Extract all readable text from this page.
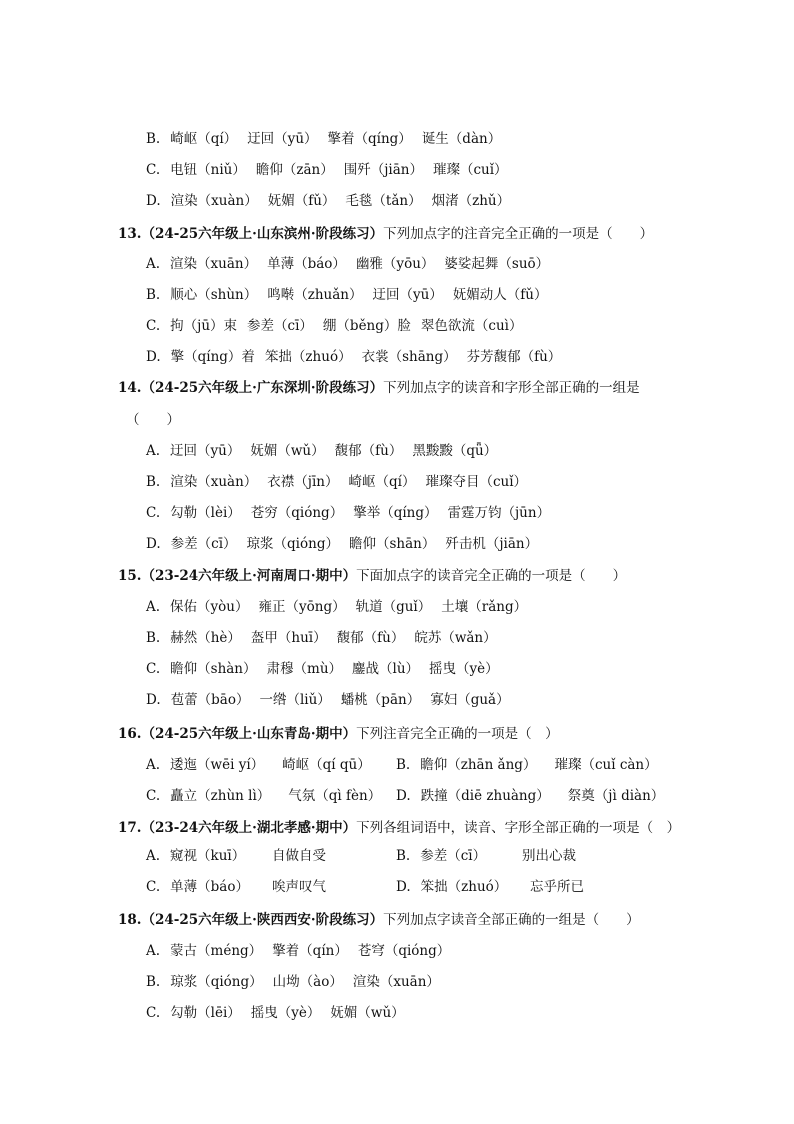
B. 崎岖（qí） 迂回（yū） 擎着（qíng） 诞生（dàn）
C. 电钮（niǔ） 瞻仰（zān） 围歼（jiān） 璀璨（cuǐ）
D. 渲染（xuàn） 妩媚（fǔ） 毛毯（tǎn） 烟渚（zhǔ）
13.（24-25六年级上·山东滨州·阶段练习）下列加点字的注音完全正确的一项是（　　）
A. 渲染（xuān） 单薄（báo） 幽雅（yōu） 婆娑起舞（suō）
B. 顺心（shùn） 鸣啭（zhuǎn） 迂回（yū） 妩媚动人（fǔ）
C. 拘（jū）束 参差（cī） 绷（běng）脸 翠色欲流（cuì）
D. 擎（qíng）着 笨拙（zhuó） 衣裳（shāng） 芬芳馥郁（fù）
14.（24-25六年级上·广东深圳·阶段练习）下列加点字的读音和字形全部正确的一组是
（　　）
A. 迂回（yū） 妩媚（wǔ） 馥郁（fù） 黑黢黢（qǖ）
B. 渲染（xuàn） 衣襟（jīn） 崎岖（qí） 璀璨夺目（cuǐ）
C. 勾勒（lèi） 苍穷（qióng） 擎举（qíng） 雷霆万钧（jūn）
D. 参差（cī） 琼浆（qióng） 瞻仰（shān） 歼击机（jiān）
15.（23-24六年级上·河南周口·期中）下面加点字的读音完全正确的一项是（　　）
A. 保佑（yòu） 雍正（yōng） 轨道（guǐ） 土壤（rǎng）
B. 赫然（hè） 盔甲（huī） 馥郁（fù） 皖苏（wǎn）
C. 瞻仰（shàn） 肃穆（mù） 鏖战（lù） 摇曳（yè）
D. 苞蕾（bāo） 一绺（liǔ） 蟠桃（pān） 寡妇（guǎ）
16.（24-25六年级上·山东青岛·期中）下列注音完全正确的一项是（　）
A. 逶迤（wēi yí） 崎岖（qí qū） B. 瞻仰（zhān ǎng） 璀璨（cuǐ càn）
C. 矗立（zhùn lì） 气氛（qì fèn） D. 跌撞（diē zhuàng） 祭奠（jì diàn）
17.（23-24六年级上·湖北孝感·期中）下列各组词语中，读音、字形全部正确的一项是（　）
A. 窥视（kuī） 自做自受	B. 参差（cī）	别出心裁
C. 单薄（báo） 唉声叹气	D. 笨拙（zhuó） 忘乎所已
18.（24-25六年级上·陕西西安·阶段练习）下列加点字读音全部正确的一组是（　　）
A. 蒙古（méng） 擎着（qín） 苍穹（qióng）
B. 琼浆（qióng） 山坳（ào） 渲染（xuān）
C. 勾勒（lēi） 摇曳（yè） 妩媚（wǔ）
